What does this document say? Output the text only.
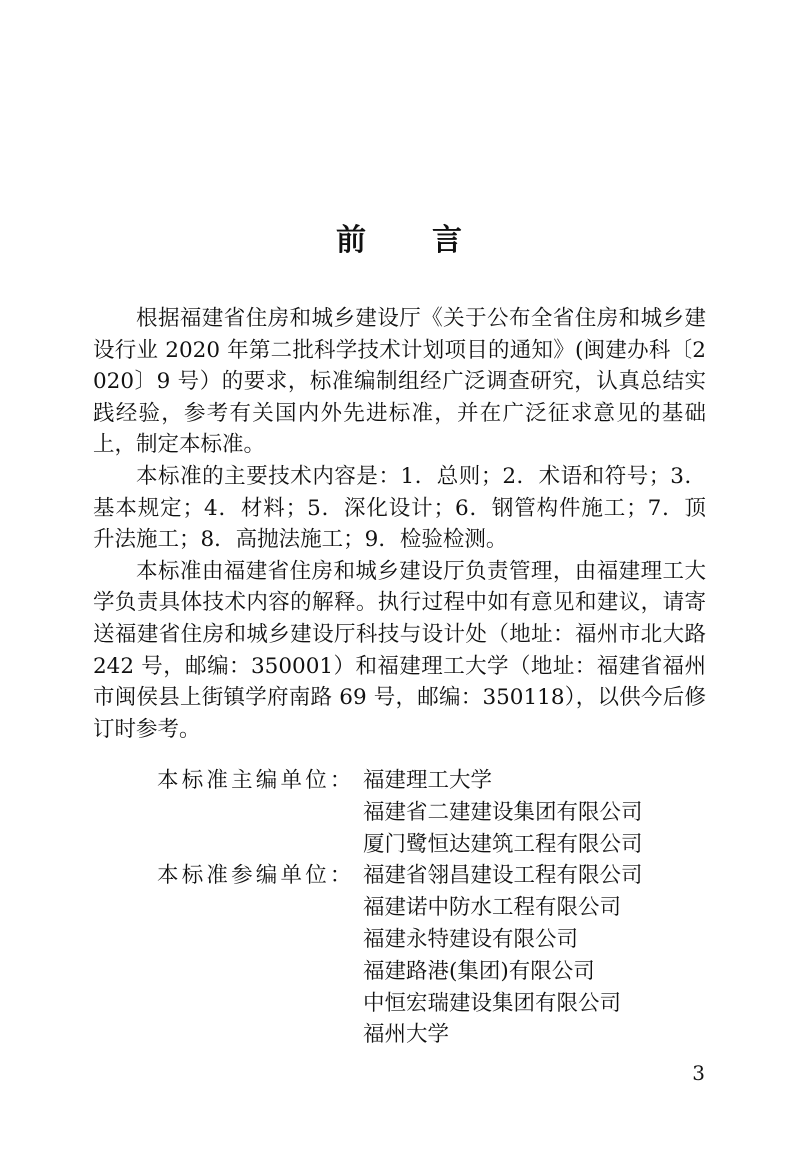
前　　言

根据福建省住房和城乡建设厅《关于公布全省住房和城乡建设行业 2020 年第二批科学技术计划项目的通知》(闽建办科〔2020〕9 号）的要求，标准编制组经广泛调查研究，认真总结实践经验，参考有关国内外先进标准，并在广泛征求意见的基础上，制定本标准。

本标准的主要技术内容是：1．总则；2．术语和符号；3．基本规定；4．材料；5．深化设计；6．钢管构件施工；7．顶升法施工；8．高抛法施工；9．检验检测。

本标准由福建省住房和城乡建设厅负责管理，由福建理工大学负责具体技术内容的解释。执行过程中如有意见和建议，请寄送福建省住房和城乡建设厅科技与设计处（地址：福州市北大路 242 号，邮编：350001）和福建理工大学（地址：福建省福州市闽侯县上街镇学府南路 69 号，邮编：350118），以供今后修订时参考。

本标准主编单位： 福建理工大学
福建省二建建设集团有限公司
厦门鹭恒达建筑工程有限公司
本标准参编单位： 福建省翎昌建设工程有限公司
福建诺中防水工程有限公司
福建永特建设有限公司
福建路港(集团)有限公司
中恒宏瑞建设集团有限公司
福州大学
3
